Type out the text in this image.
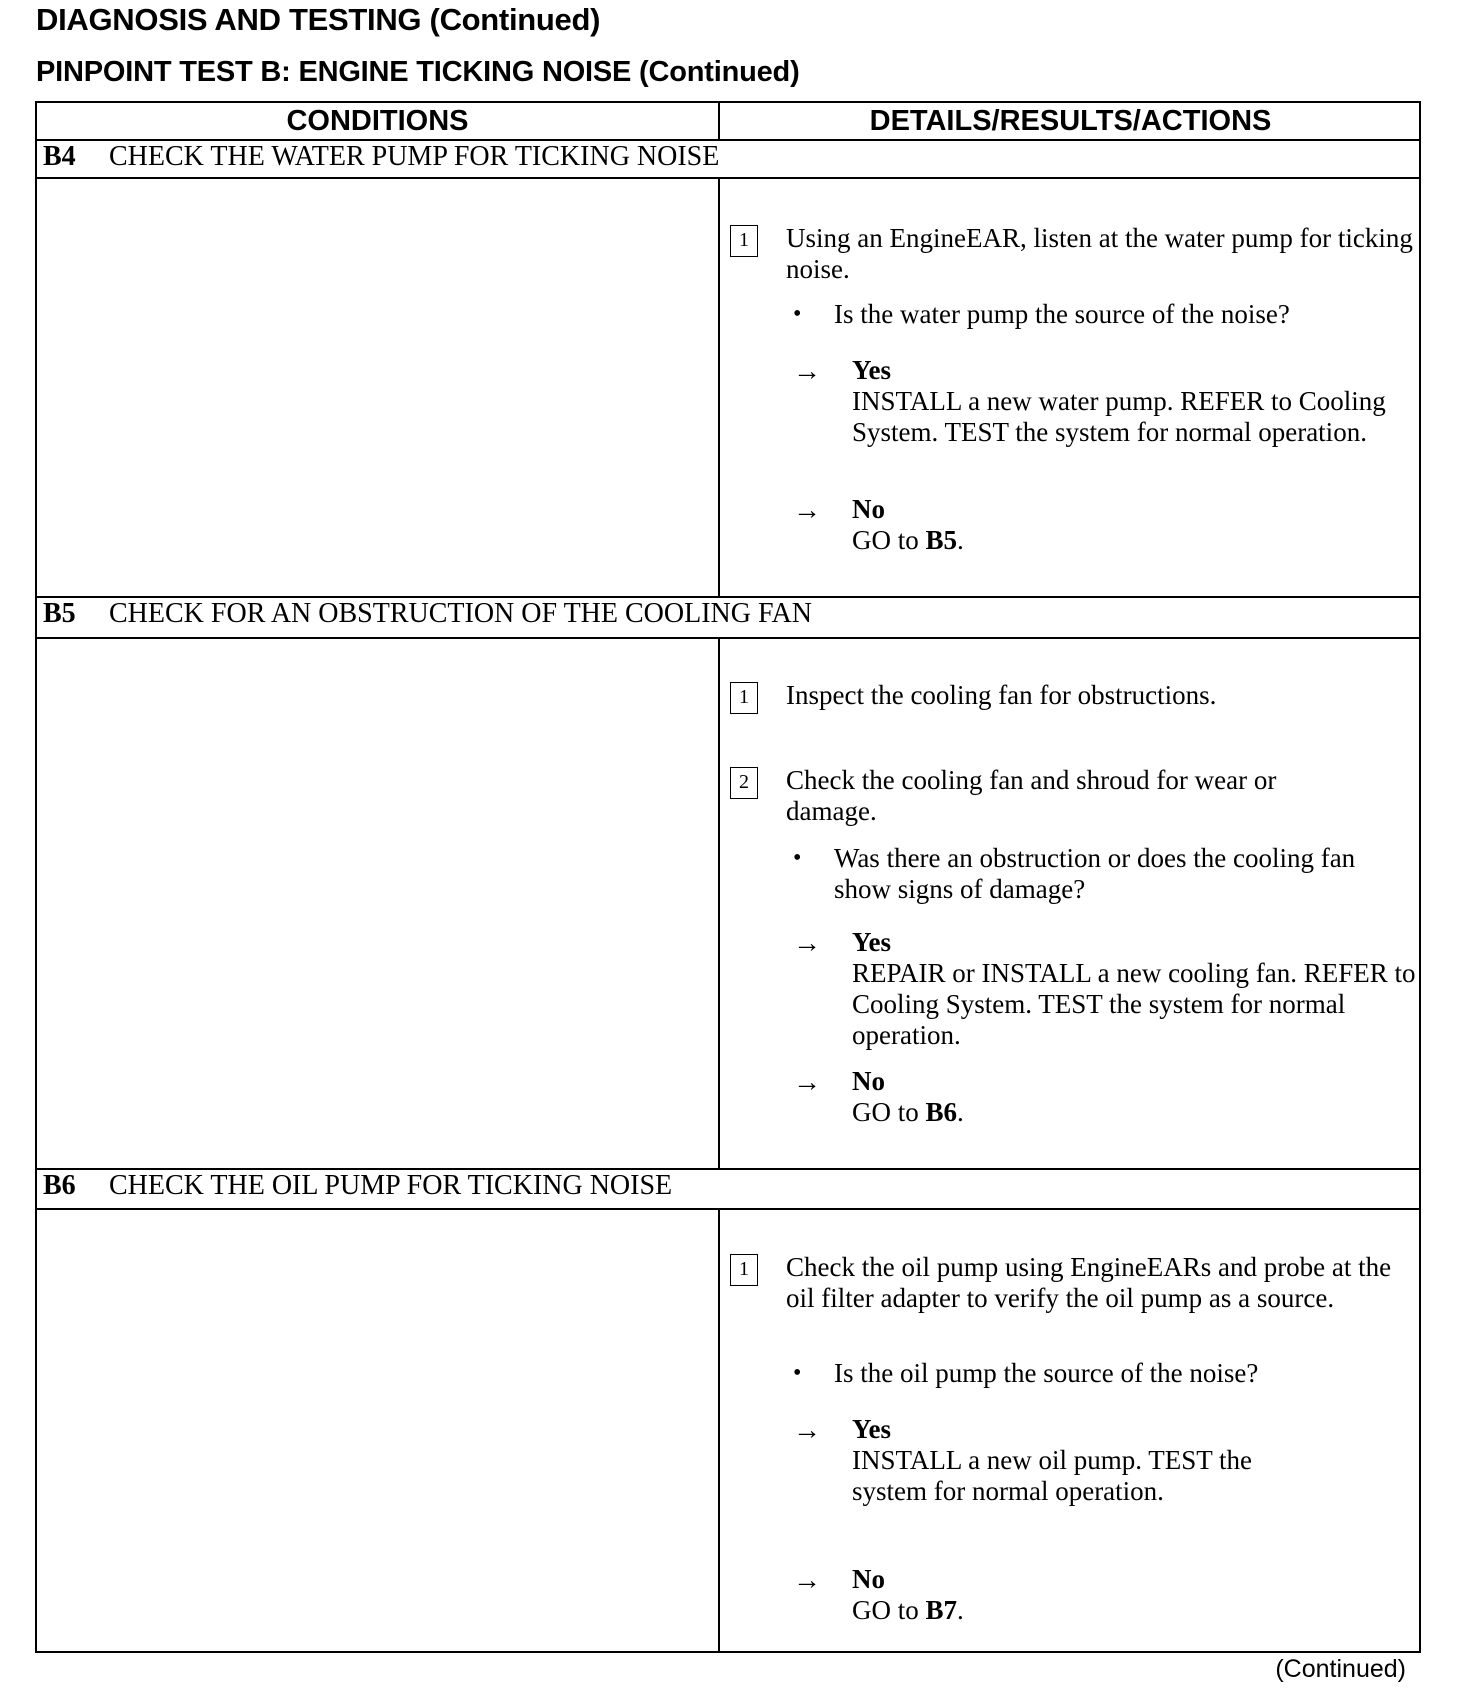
DIAGNOSIS AND TESTING (Continued)
PINPOINT TEST B: ENGINE TICKING NOISE (Continued)
CONDITIONS	DETAILS/RESULTS/ACTIONS
B4 CHECK THE WATER PUMP FOR TICKING NOISE
1	Using an EngineEAR, listen at the water pump for ticking noise.
• Is the water pump the source of the noise?
→ Yes
INSTALL a new water pump. REFER to Cooling System. TEST the system for normal operation.
→ No
GO to B5.
B5 CHECK FOR AN OBSTRUCTION OF THE COOLING FAN
1	Inspect the cooling fan for obstructions.
2	Check the cooling fan and shroud for wear or damage.
• Was there an obstruction or does the cooling fan show signs of damage?
→ Yes
REPAIR or INSTALL a new cooling fan. REFER to Cooling System. TEST the system for normal operation.
→ No
GO to B6.
B6 CHECK THE OIL PUMP FOR TICKING NOISE
1	Check the oil pump using EngineEARs and probe at the oil filter adapter to verify the oil pump as a source.
• Is the oil pump the source of the noise?
→ Yes
INSTALL a new oil pump. TEST the system for normal operation.
→ No
GO to B7.
(Continued)
